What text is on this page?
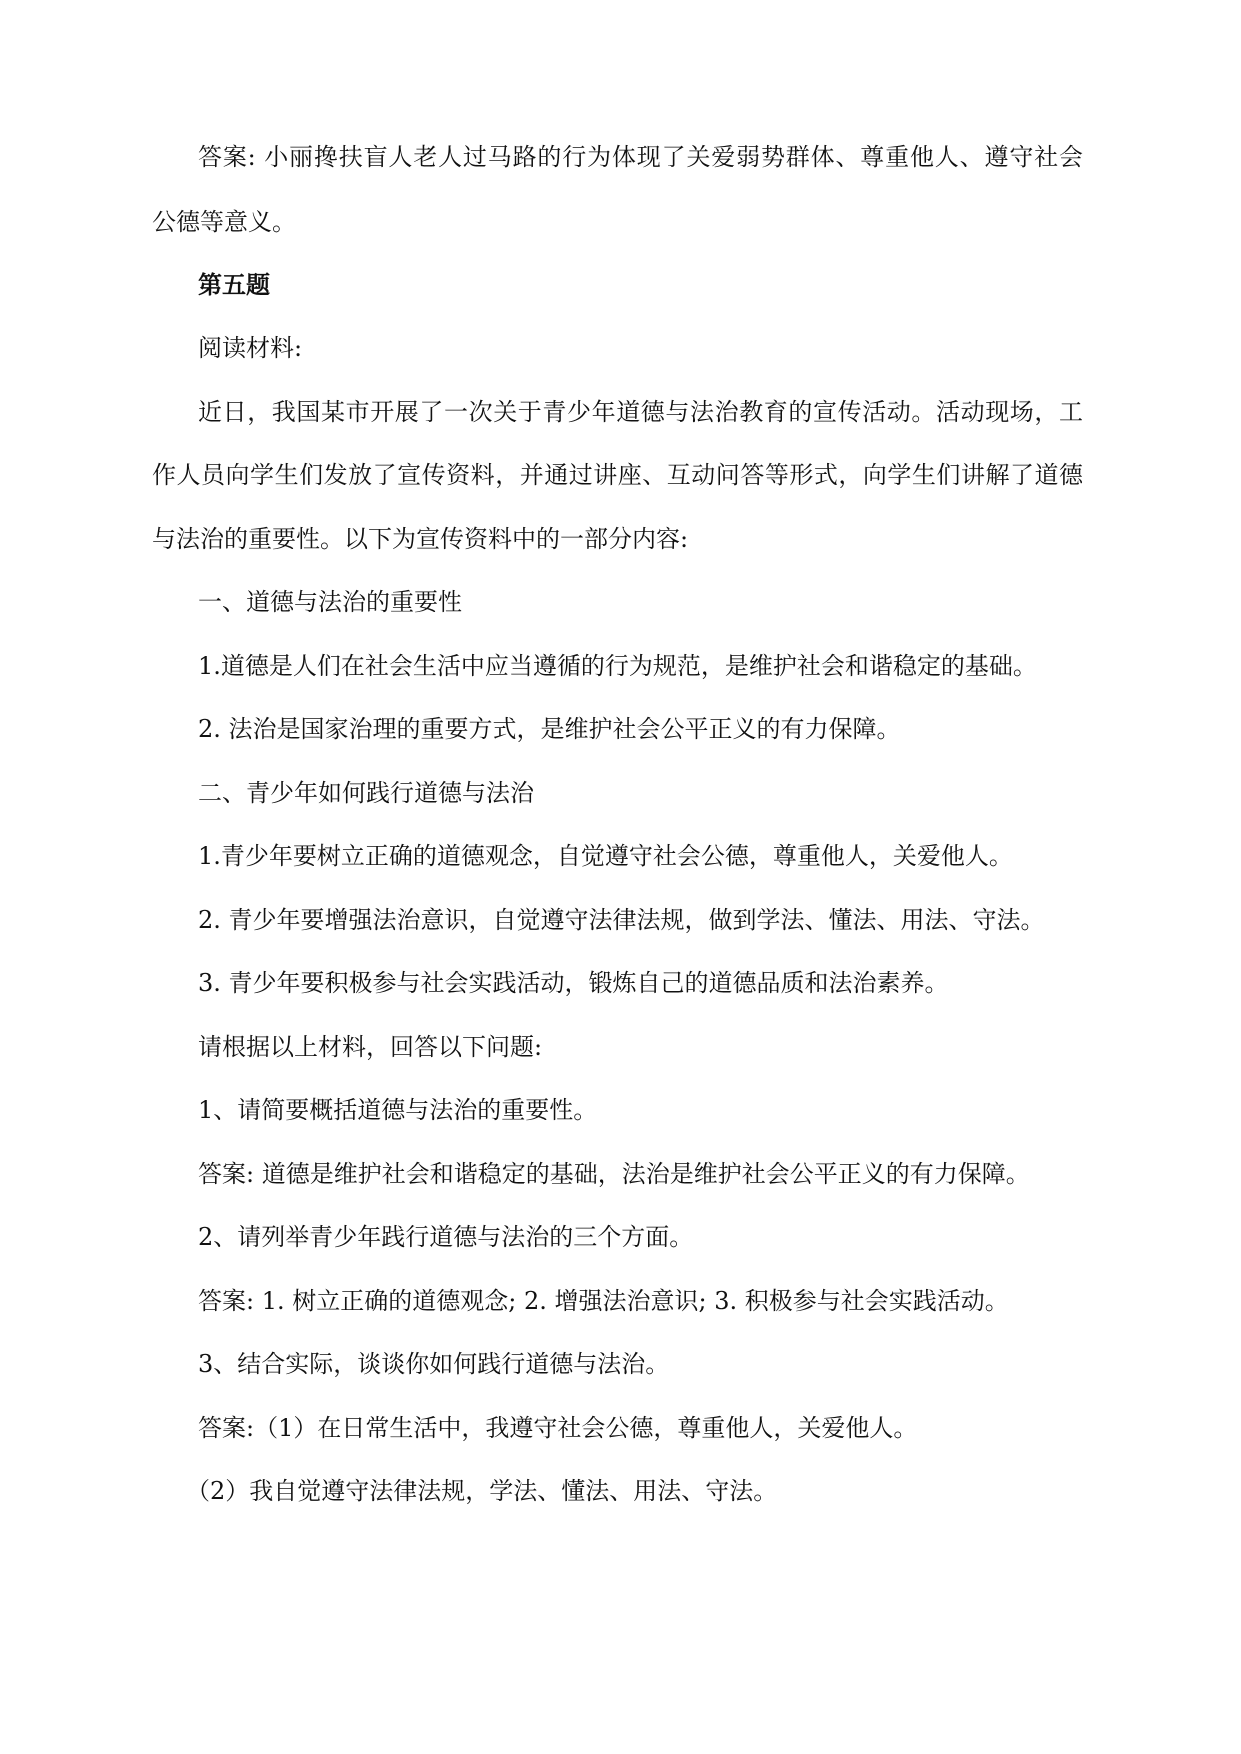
答案: 小丽搀扶盲人老人过马路的行为体现了关爱弱势群体、尊重他人、遵守社会
公德等意义。
第五题
阅读材料:
近日，我国某市开展了一次关于青少年道德与法治教育的宣传活动。活动现场，工
作人员向学生们发放了宣传资料，并通过讲座、互动问答等形式，向学生们讲解了道德
与法治的重要性。以下为宣传资料中的一部分内容:
一、道德与法治的重要性
1.道德是人们在社会生活中应当遵循的行为规范，是维护社会和谐稳定的基础。
2. 法治是国家治理的重要方式，是维护社会公平正义的有力保障。
二、青少年如何践行道德与法治
1.青少年要树立正确的道德观念，自觉遵守社会公德，尊重他人，关爱他人。
2. 青少年要增强法治意识，自觉遵守法律法规，做到学法、懂法、用法、守法。
3. 青少年要积极参与社会实践活动，锻炼自己的道德品质和法治素养。
请根据以上材料，回答以下问题:
1、请简要概括道德与法治的重要性。
答案: 道德是维护社会和谐稳定的基础，法治是维护社会公平正义的有力保障。
2、请列举青少年践行道德与法治的三个方面。
答案: 1. 树立正确的道德观念; 2. 增强法治意识; 3. 积极参与社会实践活动。
3、结合实际，谈谈你如何践行道德与法治。
答案:（1）在日常生活中，我遵守社会公德，尊重他人，关爱他人。
（2）我自觉遵守法律法规，学法、懂法、用法、守法。
